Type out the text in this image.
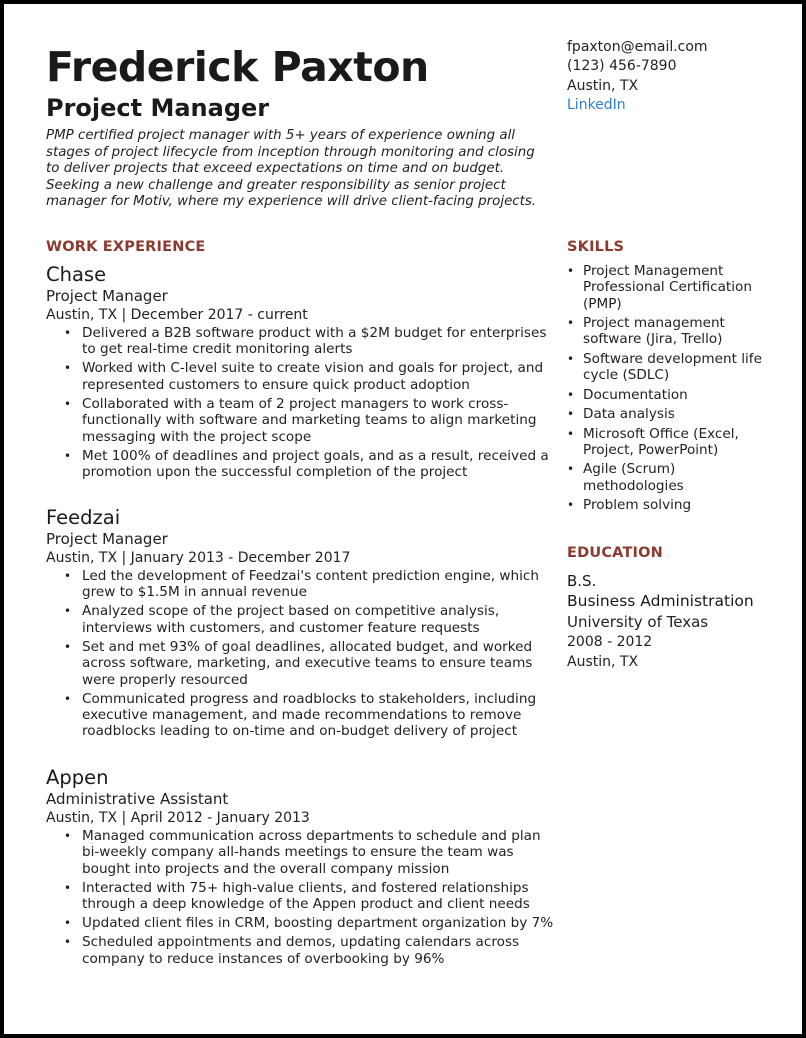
Frederick Paxton
Project Manager

PMP certified project manager with 5+ years of experience owning all stages of project lifecycle from inception through monitoring and closing to deliver projects that exceed expectations on time and on budget. Seeking a new challenge and greater responsibility as senior project manager for Motiv, where my experience will drive client-facing projects.

fpaxton@email.com
(123) 456-7890
Austin, TX
LinkedIn
WORK EXPERIENCE

Chase

Project Manager

Austin, TX | December 2017 - current

• Delivered a B2B software product with a $2M budget for enterprises to get real-time credit monitoring alerts
• Worked with C-level suite to create vision and goals for project, and represented customers to ensure quick product adoption
• Collaborated with a team of 2 project managers to work cross-functionally with software and marketing teams to align marketing messaging with the project scope
• Met 100% of deadlines and project goals, and as a result, received a promotion upon the successful completion of the project

Feedzai

Project Manager

Austin, TX | January 2013 - December 2017

• Led the development of Feedzai's content prediction engine, which grew to $1.5M in annual revenue
• Analyzed scope of the project based on competitive analysis, interviews with customers, and customer feature requests
• Set and met 93% of goal deadlines, allocated budget, and worked across software, marketing, and executive teams to ensure teams were properly resourced
• Communicated progress and roadblocks to stakeholders, including executive management, and made recommendations to remove roadblocks leading to on-time and on-budget delivery of project

Appen

Administrative Assistant

Austin, TX | April 2012 - January 2013

• Managed communication across departments to schedule and plan bi-weekly company all-hands meetings to ensure the team was bought into projects and the overall company mission
• Interacted with 75+ high-value clients, and fostered relationships through a deep knowledge of the Appen product and client needs
• Updated client files in CRM, boosting department organization by 7%
• Scheduled appointments and demos, updating calendars across company to reduce instances of overbooking by 96%
SKILLS
• Project Management Professional Certification (PMP)
• Project management software (Jira, Trello)
• Software development life cycle (SDLC)
• Documentation
• Data analysis
• Microsoft Office (Excel, Project, PowerPoint)
• Agile (Scrum) methodologies
• Problem solving
EDUCATION
B.S.
Business Administration
University of Texas
2008 - 2012
Austin, TX
